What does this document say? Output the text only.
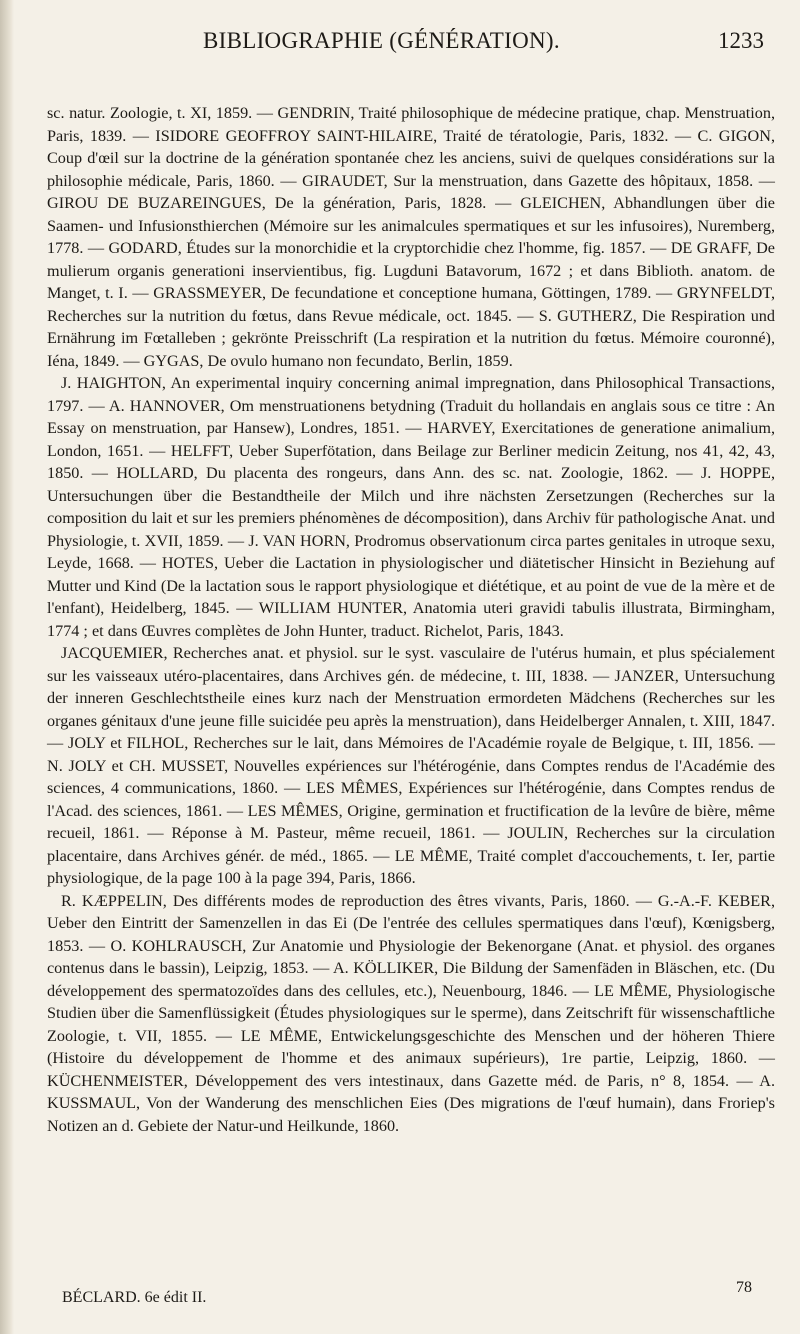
BIBLIOGRAPHIE (GÉNÉRATION).	1233

sc. natur. Zoologie, t. XI, 1859. — GENDRIN, Traité philosophique de médecine pratique, chap. Menstruation, Paris, 1839. — ISIDORE GEOFFROY SAINT-HILAIRE, Traité de tératologie, Paris, 1832. — C. GIGON, Coup d'œil sur la doctrine de la génération spontanée chez les anciens, suivi de quelques considérations sur la philosophie médicale, Paris, 1860. — GIRAUDET, Sur la menstruation, dans Gazette des hôpitaux, 1858. — GIROU DE BUZAREINGUES, De la génération, Paris, 1828. — GLEICHEN, Abhandlungen über die Saamen- und Infusionsthierchen (Mémoire sur les animalcules spermatiques et sur les infusoires), Nuremberg, 1778. — GODARD, Études sur la monorchidie et la cryptorchidie chez l'homme, fig. 1857. — DE GRAFF, De mulierum organis generationi inservientibus, fig. Lugduni Batavorum, 1672 ; et dans Biblioth. anatom. de Manget, t. I. — GRASSMEYER, De fecundatione et conceptione humana, Göttingen, 1789. — GRYNFELDT, Recherches sur la nutrition du fœtus, dans Revue médicale, oct. 1845. — S. GUTHERZ, Die Respiration und Ernährung im Fœtalleben ; gekrönte Preisschrift (La respiration et la nutrition du fœtus. Mémoire couronné), Iéna, 1849. — GYGAS, De ovulo humano non fecundato, Berlin, 1859.

J. HAIGHTON, An experimental inquiry concerning animal impregnation, dans Philosophical Transactions, 1797. — A. HANNOVER, Om menstruationens betydning (Traduit du hollandais en anglais sous ce titre : An Essay on menstruation, par Hansew), Londres, 1851. — HARVEY, Exercitationes de generatione animalium, London, 1651. — HELFFT, Ueber Superfötation, dans Beilage zur Berliner medicin Zeitung, nos 41, 42, 43, 1850. — HOLLARD, Du placenta des rongeurs, dans Ann. des sc. nat. Zoologie, 1862. — J. HOPPE, Untersuchungen über die Bestandtheile der Milch und ihre nächsten Zersetzungen (Recherches sur la composition du lait et sur les premiers phénomènes de décomposition), dans Archiv für pathologische Anat. und Physiologie, t. XVII, 1859. — J. VAN HORN, Prodromus observationum circa partes genitales in utroque sexu, Leyde, 1668. — HOTES, Ueber die Lactation in physiologischer und diätetischer Hinsicht in Beziehung auf Mutter und Kind (De la lactation sous le rapport physiologique et diététique, et au point de vue de la mère et de l'enfant), Heidelberg, 1845. — WILLIAM HUNTER, Anatomia uteri gravidi tabulis illustrata, Birmingham, 1774 ; et dans Œuvres complètes de John Hunter, traduct. Richelot, Paris, 1843.

JACQUEMIER, Recherches anat. et physiol. sur le syst. vasculaire de l'utérus humain, et plus spécialement sur les vaisseaux utéro-placentaires, dans Archives gén. de médecine, t. III, 1838. — JANZER, Untersuchung der inneren Geschlechtstheile eines kurz nach der Menstruation ermordeten Mädchens (Recherches sur les organes génitaux d'une jeune fille suicidée peu après la menstruation), dans Heidelberger Annalen, t. XIII, 1847. — JOLY et FILHOL, Recherches sur le lait, dans Mémoires de l'Académie royale de Belgique, t. III, 1856. — N. JOLY et CH. MUSSET, Nouvelles expériences sur l'hétérogénie, dans Comptes rendus de l'Académie des sciences, 4 communications, 1860. — LES MÊMES, Expériences sur l'hétérogénie, dans Comptes rendus de l'Acad. des sciences, 1861. — LES MÊMES, Origine, germination et fructification de la levûre de bière, même recueil, 1861. — Réponse à M. Pasteur, même recueil, 1861. — JOULIN, Recherches sur la circulation placentaire, dans Archives génér. de méd., 1865. — LE MÊME, Traité complet d'accouchements, t. Ier, partie physiologique, de la page 100 à la page 394, Paris, 1866.

R. KÆPPELIN, Des différents modes de reproduction des êtres vivants, Paris, 1860. — G.-A.-F. KEBER, Ueber den Eintritt der Samenzellen in das Ei (De l'entrée des cellules spermatiques dans l'œuf), Kœnigsberg, 1853. — O. KOHLRAUSCH, Zur Anatomie und Physiologie der Bekenorgane (Anat. et physiol. des organes contenus dans le bassin), Leipzig, 1853. — A. KÖLLIKER, Die Bildung der Samenfäden in Bläschen, etc. (Du développement des spermatozoïdes dans des cellules, etc.), Neuenbourg, 1846. — LE MÊME, Physiologische Studien über die Samenflüssigkeit (Études physiologiques sur le sperme), dans Zeitschrift für wissenschaftliche Zoologie, t. VII, 1855. — LE MÊME, Entwickelungsgeschichte des Menschen und der höheren Thiere (Histoire du développement de l'homme et des animaux supérieurs), 1re partie, Leipzig, 1860. — KÜCHENMEISTER, Développement des vers intestinaux, dans Gazette méd. de Paris, n° 8, 1854. — A. KUSSMAUL, Von der Wanderung des menschlichen Eies (Des migrations de l'œuf humain), dans Froriep's Notizen an d. Gebiete der Natur-und Heilkunde, 1860.

BÉCLARD. 6e édit II.
78
